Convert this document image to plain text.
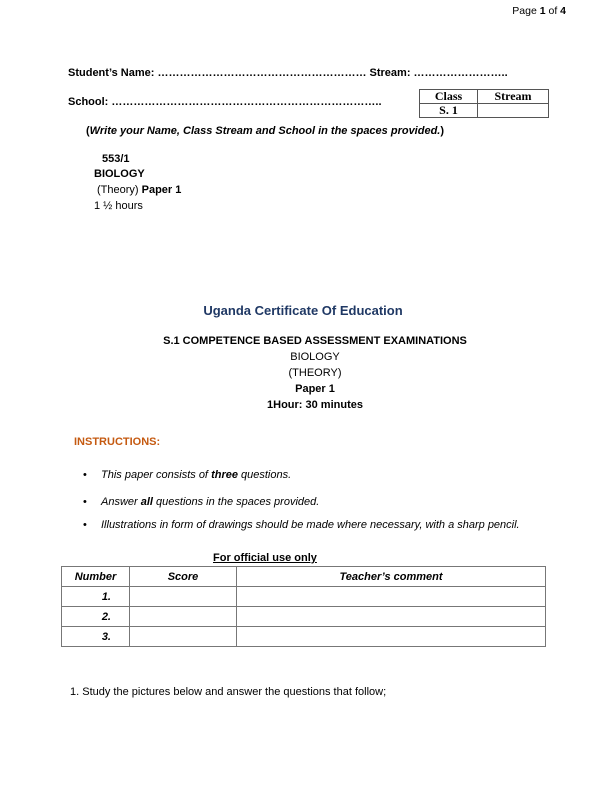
Page 1 of 4
Student’s Name: ………………………………………………… Stream: ……………………..
School: ………………………………………………………………..	Class	Stream
S. 1	
(Write your Name, Class Stream and School in the spaces provided.)
553/1
BIOLOGY
(Theory) Paper 1
1 ½ hours
Uganda Certificate Of Education
S.1 COMPETENCE BASED ASSESSMENT EXAMINATIONS
BIOLOGY
(THEORY)
Paper 1
1Hour: 30 minutes
INSTRUCTIONS:
• This paper consists of three questions.
• Answer all questions in the spaces provided.
• Illustrations in form of drawings should be made where necessary, with a sharp pencil.
For official use only
Number	Score	Teacher’s comment
1.		
2.		
3.		
1. Study the pictures below and answer the questions that follow;
